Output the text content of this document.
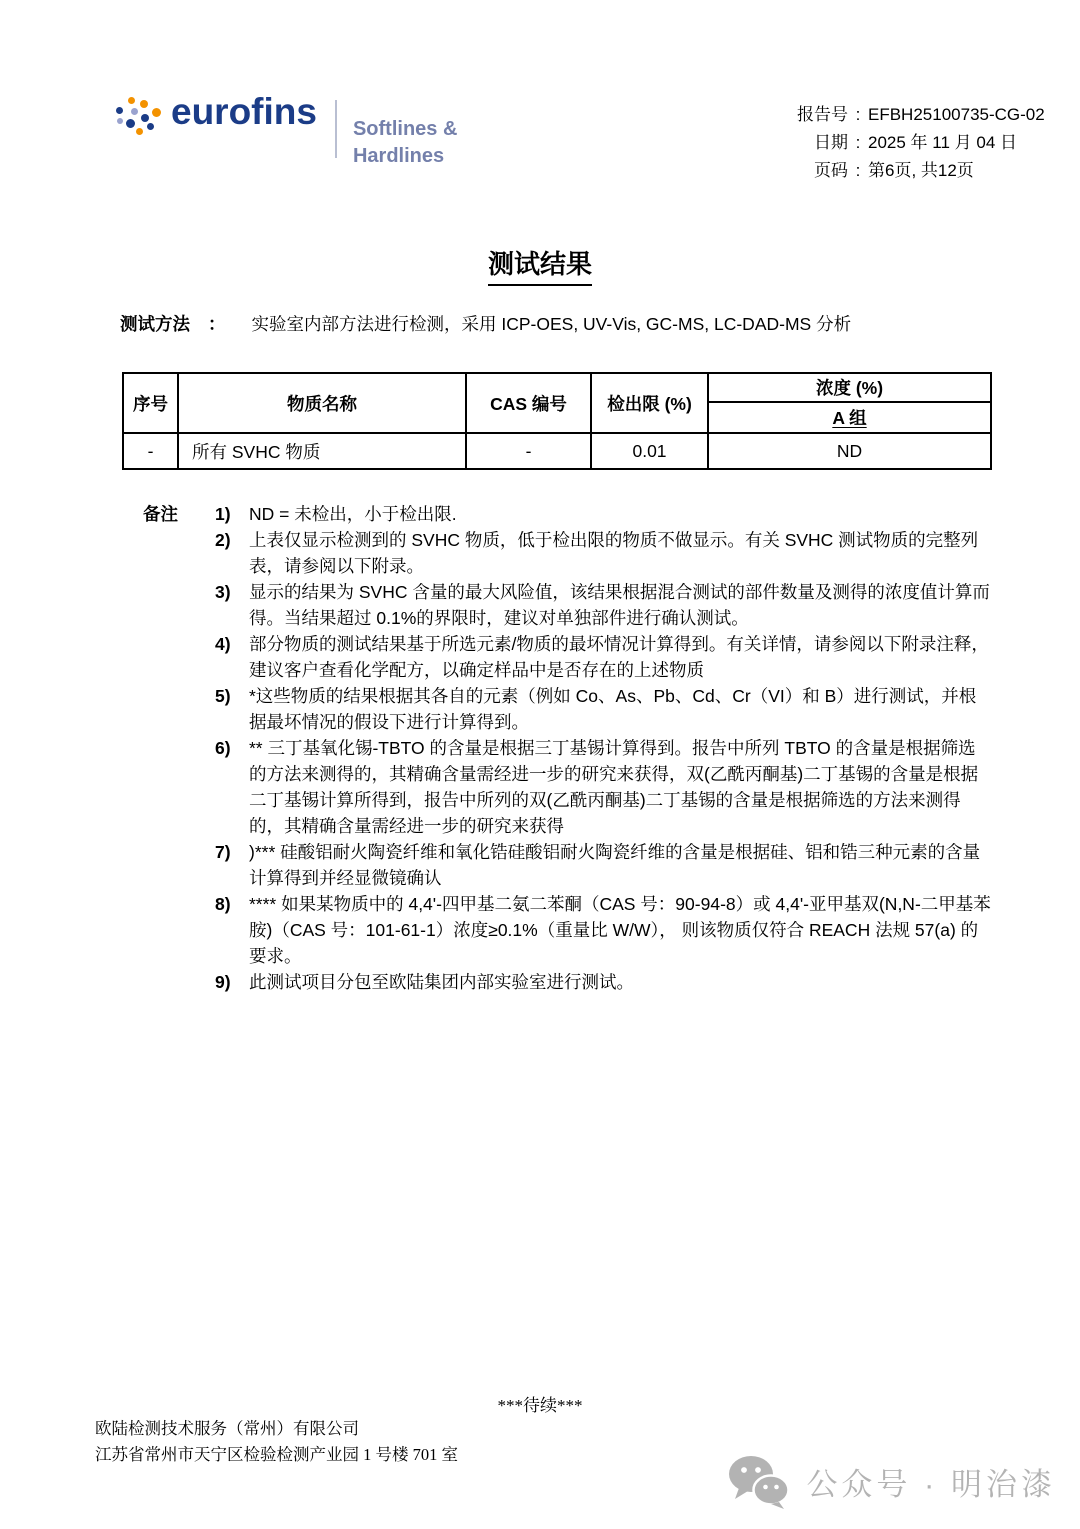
eurofins Softlines &
Hardlines
报告号 : EFBH25100735-CG-02
日期 : 2025 年 11 月 04 日
页码 : 第6页, 共12页
测试结果
测试方法 ： 实验室内部方法进行检测，采用 ICP-OES, UV-Vis, GC-MS, LC-DAD-MS 分析
序号	物质名称	CAS 编号	检出限 (%)	浓度 (%)
				A 组
-	所有 SVHC 物质	-	0.01	ND
备注	1)	ND = 未检出，小于检出限.
2)	上表仅显示检测到的 SVHC 物质，低于检出限的物质不做显示。有关 SVHC 测试物质的完整列表，请参阅以下附录。
3)	显示的结果为 SVHC 含量的最大风险值，该结果根据混合测试的部件数量及测得的浓度值计算而得。当结果超过 0.1%的界限时，建议对单独部件进行确认测试。
4)	部分物质的测试结果基于所选元素/物质的最坏情况计算得到。有关详情，请参阅以下附录注释，建议客户查看化学配方，以确定样品中是否存在的上述物质
5)	*这些物质的结果根据其各自的元素（例如 Co、As、Pb、Cd、Cr（VI）和 B）进行测试，并根据最坏情况的假设下进行计算得到。
6)	** 三丁基氧化锡-TBTO 的含量是根据三丁基锡计算得到。报告中所列 TBTO 的含量是根据筛选的方法来测得的，其精确含量需经进一步的研究来获得，双(乙酰丙酮基)二丁基锡的含量是根据二丁基锡计算所得到，报告中所列的双(乙酰丙酮基)二丁基锡的含量是根据筛选的方法来测得的，其精确含量需经进一步的研究来获得
7)	)*** 硅酸铝耐火陶瓷纤维和氧化锆硅酸铝耐火陶瓷纤维的含量是根据硅、铝和锆三种元素的含量计算得到并经显微镜确认
8)	**** 如果某物质中的 4,4'-四甲基二氨二苯酮（CAS 号：90-94-8）或 4,4'-亚甲基双(N,N-二甲基苯胺)（CAS 号：101-61-1）浓度≥0.1%（重量比 W/W）， 则该物质仅符合 REACH 法规 57(a) 的要求。
9)	此测试项目分包至欧陆集团内部实验室进行测试。
***待续***
欧陆检测技术服务（常州）有限公司
江苏省常州市天宁区检验检测产业园 1 号楼 701 室
公众号 · 明治漆
